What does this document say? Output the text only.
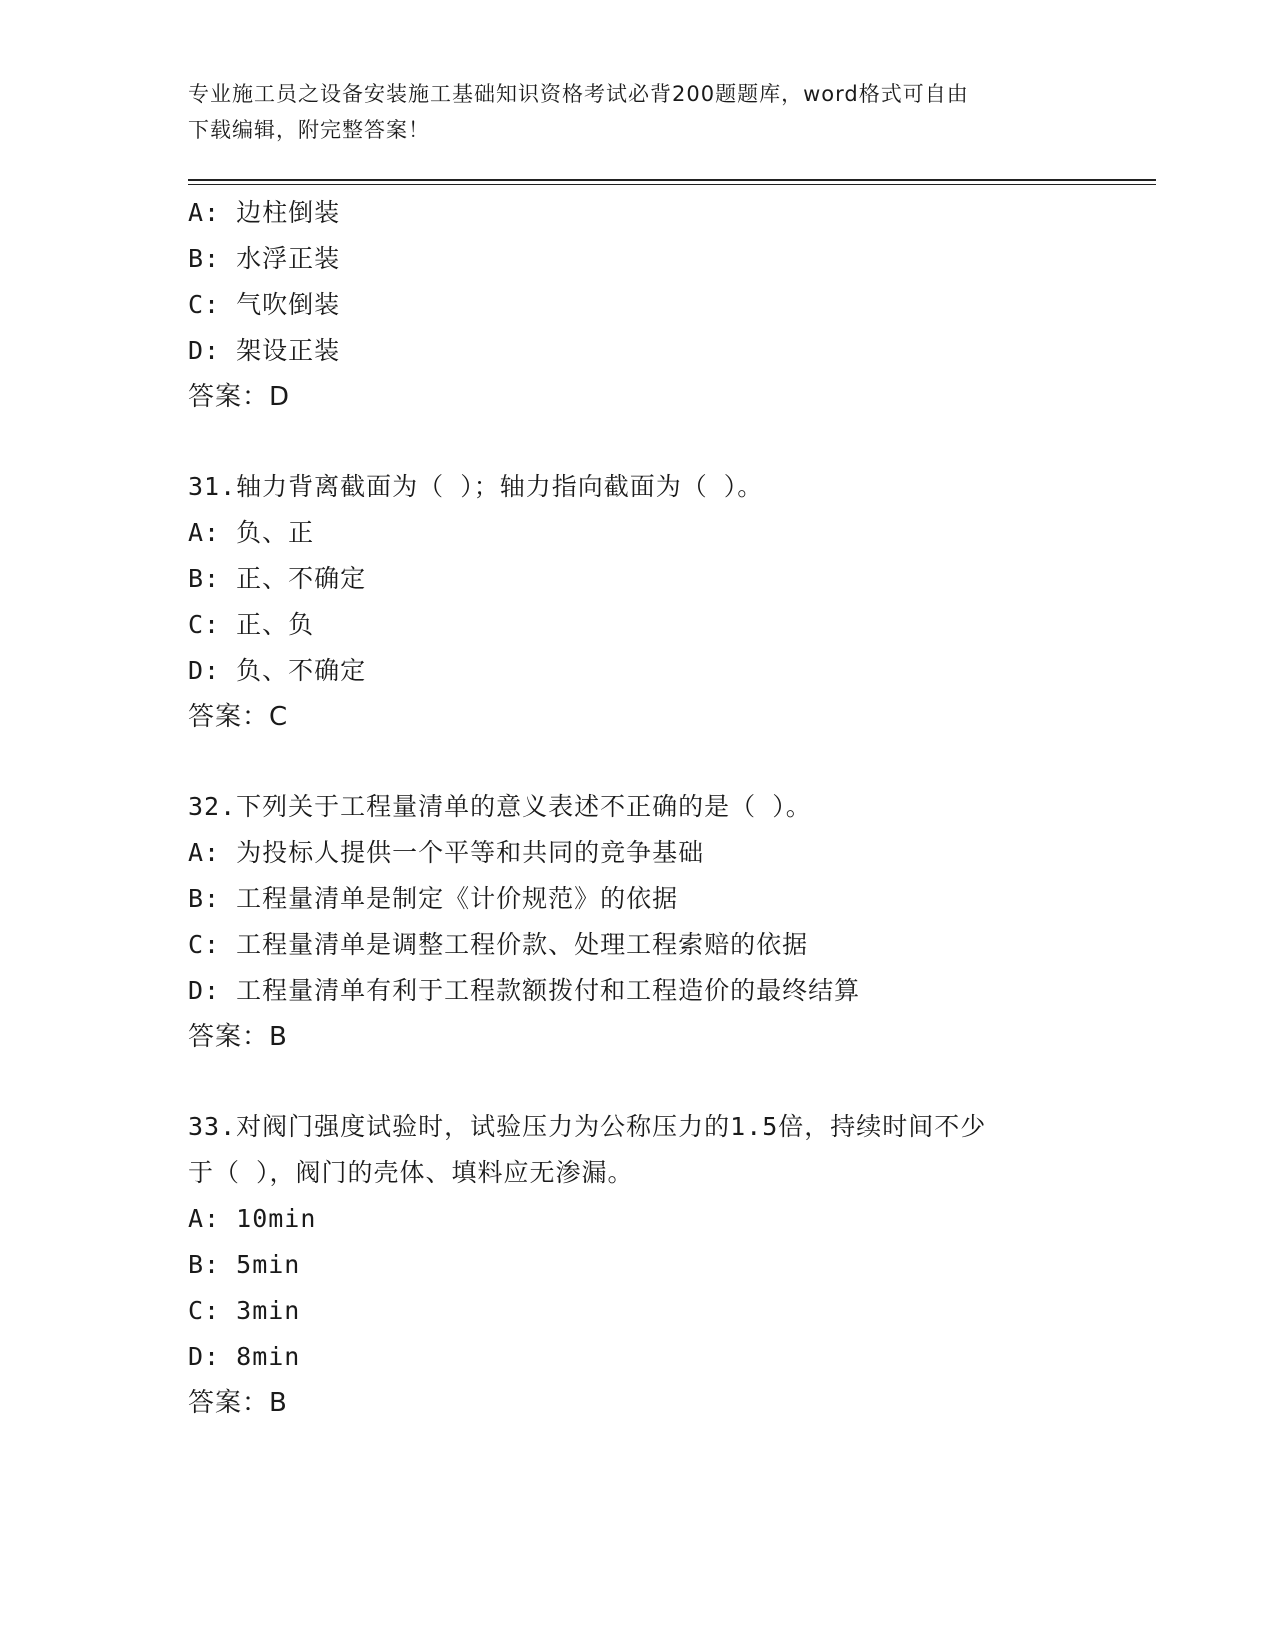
专业施工员之设备安装施工基础知识资格考试必背200题题库，word格式可自由
下载编辑，附完整答案！
A: 边柱倒装
B: 水浮正装
C: 气吹倒装
D: 架设正装
答案：D
31.轴力背离截面为（ ）；轴力指向截面为（ ）。
A: 负、正
B: 正、不确定
C: 正、负
D: 负、不确定
答案：C
32.下列关于工程量清单的意义表述不正确的是（ ）。
A: 为投标人提供一个平等和共同的竞争基础
B: 工程量清单是制定《计价规范》的依据
C: 工程量清单是调整工程价款、处理工程索赔的依据
D: 工程量清单有利于工程款额拨付和工程造价的最终结算
答案：B
33.对阀门强度试验时，试验压力为公称压力的1.5倍，持续时间不少
于（ ），阀门的壳体、填料应无渗漏。
A: 10min
B: 5min
C: 3min
D: 8min
答案：B
